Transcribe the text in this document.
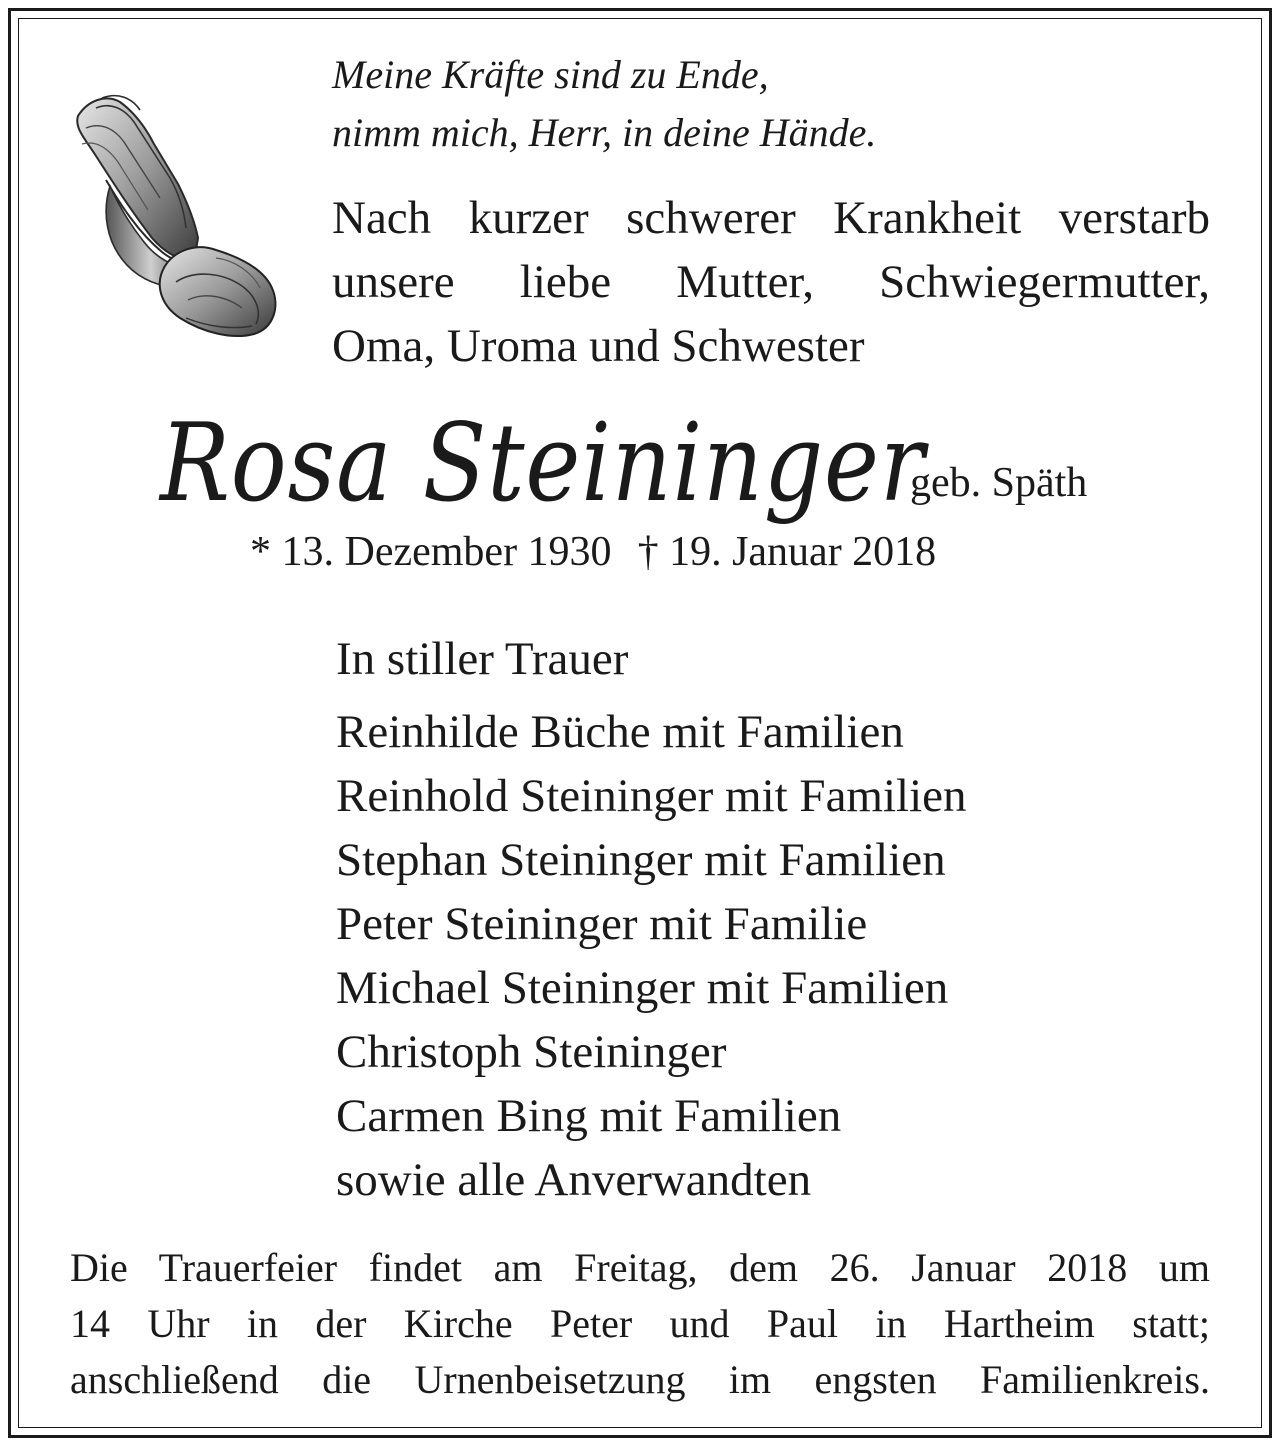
Meine Kräfte sind zu Ende,
nimm mich, Herr, in deine Hände.

Nach kurzer schwerer Krankheit verstarb
unsere liebe Mutter, Schwiegermutter,
Oma, Uroma und Schwester

Rosa Steininger
geb. Späth
* 13. Dezember 1930 † 19. Januar 2018

In stiller Trauer

Reinhilde Büche mit Familien
Reinhold Steininger mit Familien
Stephan Steininger mit Familien
Peter Steininger mit Familie
Michael Steininger mit Familien
Christoph Steininger
Carmen Bing mit Familien
sowie alle Anverwandten

Die Trauerfeier findet am Freitag, dem 26. Januar 2018 um
14 Uhr in der Kirche Peter und Paul in Hartheim statt;
anschließend die Urnenbeisetzung im engsten Familienkreis.
